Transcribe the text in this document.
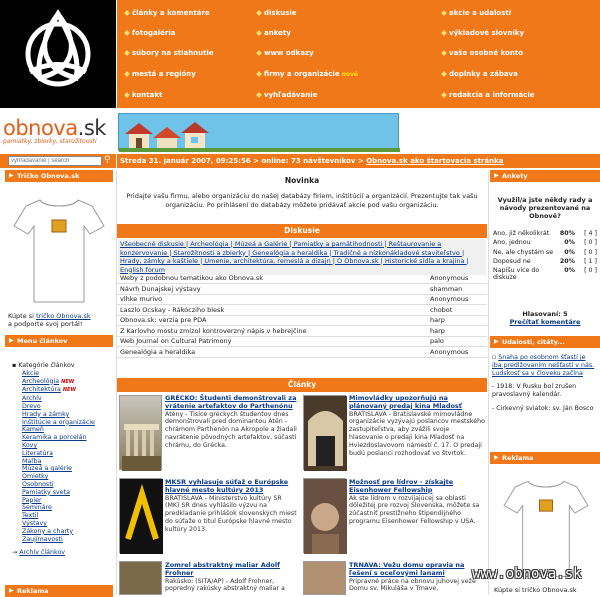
články a komentáre	diskusie	akcie a udalosti
fotogaléria	ankety	výkladové slovníky
súbory na stiahnutie	www odkazy	vaše osobné konto
mestá a regióny	firmy a organizácie nové	doplnky a zábava
kontakt	vyhľadávanie	redakcia a informácie
obnova.sk
pamiatky, zbierky, starožitnosti
vyhľadávanie | search
⚲	Streda 31. január 2007, 09:25:56 > online: 73 návštevníkov > Obnova.sk ako štartovacia stránka
▶ Tričko Obnova.sk
Kúpte si tričko Obnova.sk
a podporte svoj portál!
▶ Menu článkov
▪ Kategórie článkov
Akcie
Archeológia NEW
Architektúra NEW
Archív
Drevo
Hrady a zámky
Inštitúcie a organizácie
Kameň
Keramika a porcelán
Kovy
Literatúra
Maľba
Múzeá a galérie
Omietky
Osobnosti
Pamiatky sveta
Papier
Semináre
Textil
Výstavy
Zákony a charty
Zaujímavosti
→ Archív článkov
▶ Reklama
Novinka
Pridajte vašu firmu, alebo organizáciu do našej databázy firiem, inštitúcií a organizácií. Prezentujte tak vašu organizáciu. Po prihlásení do databázy môžete pridávať akcie pod vašu organizáciu.
Diskusie
Všeobecné diskusie | Archeológia | Múzeá a Galérie | Pamiatky a pamätihodnosti | Reštaurovanie a konzervovanie | Starožitnosti a zbierky | Genealógia a heraldika | Tradičné a nízkonákladové staviteľstvo | Hrady, zámky a kaštiele | Umenie, architektúra, remeslá a dizajn | O Obnova.sk | Historické sídla a krajina | English forum
Weby z podobnou tematikou ako Obnova.sk	Anonymous
Návrh Dunajskej výstavy	shamman
vlhke murivo	Anonymous
Laszlo Ocskay - Rákócziho blesk	chobot
Obnova.sk: verzia pre PDA	harp
Z Karlovho mostu zmizol kontroverzný nápis v hebrejčine	harp
Web Journal on Cultural Patrimony	palo
Genealógia a heraldika	Anonymous
Články
GRÉCKO: Študenti demonštrovali za vrátenie artefaktov do Parthenónu
Atény - Tisíce gréckych študentov dnes demonštrovali pred dominantou Atén - chrámom Parthenón na Akropole a žiadali navrátenie pôvodných artefaktov, súčastí chrámu, do Grécka.
Mimovládky upozorňujú na plánovaný predaj kina Mladosť
BRATISLAVA - Bratislavské mimovládne organizácie vyzývajú poslancov mestského zastupiteľstva, aby zvážili svoje hlasovanie o predaji kina Mladosť na Hviezdoslavovom námestí č. 17. O predaji budú poslanci rozhodovať vo štvrtok.
MKSR vyhlasuje súťaž o Európske hlavné mesto kultúry 2013
BRATISLAVA - Ministerstvo kultúry SR (MK) SR dnes vyhlásilo výzvu na predkladanie prihlášok slovenských miest do súťaže o titul Európske hlavné mesto kultúry 2013.
Možnosť pre lídrov - získajte Eisenhower Fellowship
Ak ste lídrom v rozvíjajúcej sa oblasti dôležitej pre rozvoj Slovenska, môžete sa zúčastniť prestížneho štipendijného programu Eisenhower Fellowship v USA.
Zomrel abstraktný maliar Adolf Frohner
Rakúsko: (SITA/AP) - Adolf Frohner, popredný rakúsky abstraktný maliar a
TRNAVA: Vežu domu opravia na ľešení s oceľovými lanami
Pripravné práce na obnovu juhovej veže Domu sv. Mikuláša v Trnave,
▶ Ankety
Využil/a jste někdy rady a návody prezentované na Obnově?
Ano, již několikrát	80%	[ 4 ]
Ano, jednou	0%	[ 0 ]
Ne, ale chystám se	0%	[ 0 ]
Doposud ne	20%	[ 1 ]
Napíšu více do diskuze	0%	[ 0 ]
Hlasovaní: 5
Prečítať komentáre
▶ Udalosti, citáty...
▫ Snaha po osobnom šťastí je iba predlžovaním nešťastí v nás. Ludskosť sa v človeku začína
- 1918: V Rusku bol zrušen pravoslavný kalendár.
- Cirkevný sviatok: sv. Ján Bosco
▶ Reklama
Kúpte si tričko Obnova.sk
www.obnova.sk
